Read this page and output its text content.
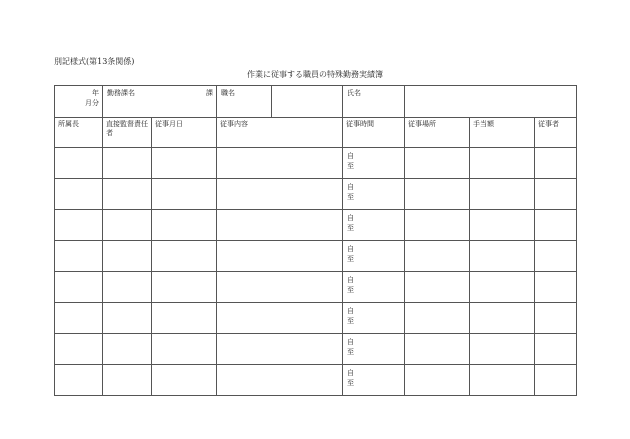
別記様式(第13条関係)
作業に従事する職員の特殊勤務実績簿
年
月分	勤務課名 課		職名		氏名			
所属長	直接監督責任者	従事月日	従事内容		従事時間	従事場所	手当額	従事者

					自
至			

					自
至			

					自
至			

					自
至			

					自
至			

					自
至			

					自
至			

					自
至			
